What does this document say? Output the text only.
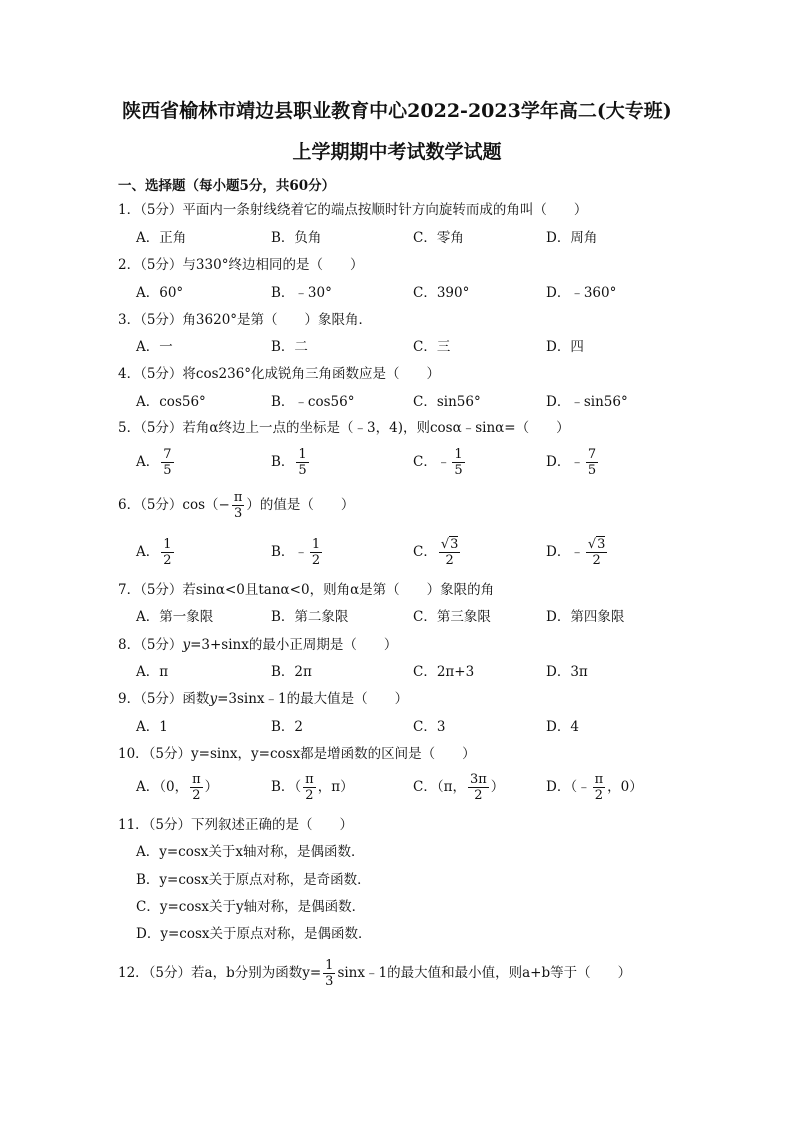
陕西省榆林市靖边县职业教育中心2022-2023学年高二(大专班)
上学期期中考试数学试题
一、选择题（每小题5分，共60分）
1．（5分）平面内一条射线绕着它的端点按顺时针方向旋转而成的角叫（　　）
A．正角	B．负角	C．零角	D．周角
2．（5分）与330°终边相同的是（　　）
A．60°	B．﹣30°	C．390°	D．﹣360°
3．（5分）角3620°是第（　　）象限角．
A．一	B．二	C．三	D．四
4．（5分）将cos236°化成锐角三角函数应是（　　）
A．cos56°	B．﹣cos56°	C．sin56°	D．﹣sin56°
5．（5分）若角α终边上一点的坐标是（﹣3，4)，则cosα﹣sinα=（　　）
A． $\frac{7}{5}$	B． $\frac{1}{5}$	C．﹣ $\frac{1}{5}$	D．﹣ $\frac{7}{5}$
6．（5分）$\cos(- \frac{\pi}{3}$ ）的值是（　　）
A． $\frac{1}{2}$	B．﹣ $\frac{1}{2}$	C． $\frac{√3}{2}$	D．﹣ $\frac{√3}{2}$
7．（5分）若sinα<0且tanα<0，则角α是第（　　）象限的角
A．第一象限	B．第二象限	C．第三象限	D．第四象限
8．（5分）y=3+sinx的最小正周期是（　　）
A．π	B．2π	C．2π+3	D．3π
9．（5分）函数y=3sinx﹣1的最大值是（　　）
A．1	B．2	C．3	D．4
10．（5分）y=sinx，y=cosx都是增函数的区间是（　　）
A．（0， $\frac{\pi}{2}$ ）	B．（ $\frac{\pi}{2}$ ，π）	C．（π， $\frac{3\pi}{2}$ ）	D．（﹣ $\frac{\pi}{2}$ ，0）
11．（5分）下列叙述正确的是（　　）
A．y=cosx关于x轴对称，是偶函数．
B．y=cosx关于原点对称，是奇函数．
C．y=cosx关于y轴对称，是偶函数．
D．y=cosx关于原点对称，是偶函数．
12．（5分）若a，b分别为函数$y= \frac{1}{3}$ sinx﹣1的最大值和最小值，则a+b等于（　　）
